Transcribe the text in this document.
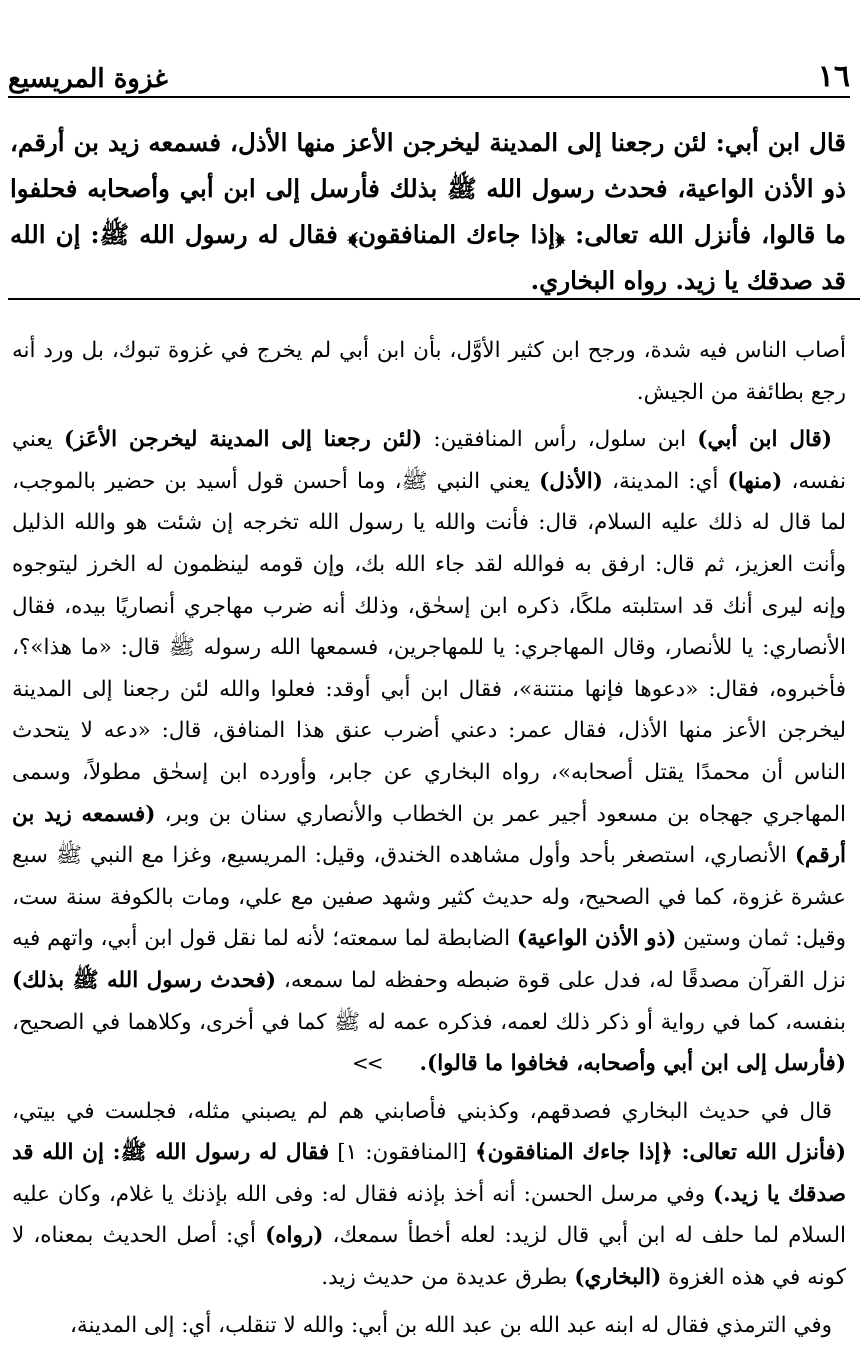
١٦
غزوة المريسيع
قال ابن أبي: لئن رجعنا إلى المدينة ليخرجن الأعز منها الأذل، فسمعه زيد بن أرقم، ذو الأذن الواعية، فحدث رسول الله ﷺ بذلك فأرسل إلى ابن أبي وأصحابه فحلفوا ما قالوا، فأنزل الله تعالى: ﴿إذا جاءك المنافقون﴾ فقال له رسول الله ﷺ: إن الله قد صدقك يا زيد. رواه البخاري.

أصاب الناس فيه شدة، ورجح ابن كثير الأوَّل، بأن ابن أبي لم يخرج في غزوة تبوك، بل ورد أنه رجع بطائفة من الجيش.

(قال ابن أبي) ابن سلول، رأس المنافقين: (لئن رجعنا إلى المدينة ليخرجن الأعَز) يعني نفسه، (منها) أي: المدينة، (الأذل) يعني النبي ﷺ، وما أحسن قول أسيد بن حضير بالموجب، لما قال له ذلك عليه السلام، قال: فأنت والله يا رسول الله تخرجه إن شئت هو والله الذليل وأنت العزيز، ثم قال: ارفق به فوالله لقد جاء الله بك، وإن قومه لينظمون له الخرز ليتوجوه وإنه ليرى أنك قد استلبته ملكًا، ذكره ابن إسحٰق، وذلك أنه ضرب مهاجري أنصاريًا بيده، فقال الأنصاري: يا للأنصار، وقال المهاجري: يا للمهاجرين، فسمعها الله رسوله ﷺ قال: «ما هذا»؟، فأخبروه، فقال: «دعوها فإنها منتنة»، فقال ابن أبي أوقد: فعلوا والله لئن رجعنا إلى المدينة ليخرجن الأعز منها الأذل، فقال عمر: دعني أضرب عنق هذا المنافق، قال: «دعه لا يتحدث الناس أن محمدًا يقتل أصحابه»، رواه البخاري عن جابر، وأورده ابن إسحٰق مطولاً، وسمى المهاجري جهجاه بن مسعود أجير عمر بن الخطاب والأنصاري سنان بن وبر، (فسمعه زيد بن أرقم) الأنصاري، استصغر بأحد وأول مشاهده الخندق، وقيل: المريسيع، وغزا مع النبي ﷺ سبع عشرة غزوة، كما في الصحيح، وله حديث كثير وشهد صفين مع علي، ومات بالكوفة سنة ست، وقيل: ثمان وستين (ذو الأذن الواعية) الضابطة لما سمعته؛ لأنه لما نقل قول ابن أبي، واتهم فيه نزل القرآن مصدقًا له، فدل على قوة ضبطه وحفظه لما سمعه، (فحدث رسول الله ﷺ بذلك) بنفسه، كما في رواية أو ذكر ذلك لعمه، فذكره عمه له ﷺ كما في أخرى، وكلاهما في الصحيح، (فأرسل إلى ابن أبي وأصحابه، فخافوا ما قالوا).>>

قال في حديث البخاري فصدقهم، وكذبني فأصابني هم لم يصبني مثله، فجلست في بيتي، (فأنزل الله تعالى: ﴿إذا جاءك المنافقون﴾ [المنافقون: ١] فقال له رسول الله ﷺ: إن الله قد صدقك يا زيد.) وفي مرسل الحسن: أنه أخذ بإذنه فقال له: وفى الله بإذنك يا غلام، وكان عليه السلام لما حلف له ابن أبي قال لزيد: لعله أخطأ سمعك، (رواه) أي: أصل الحديث بمعناه، لا كونه في هذه الغزوة (البخاري) بطرق عديدة من حديث زيد.

وفي الترمذي فقال له ابنه عبد الله بن عبد الله بن أبي: والله لا تنقلب، أي: إلى المدينة،
